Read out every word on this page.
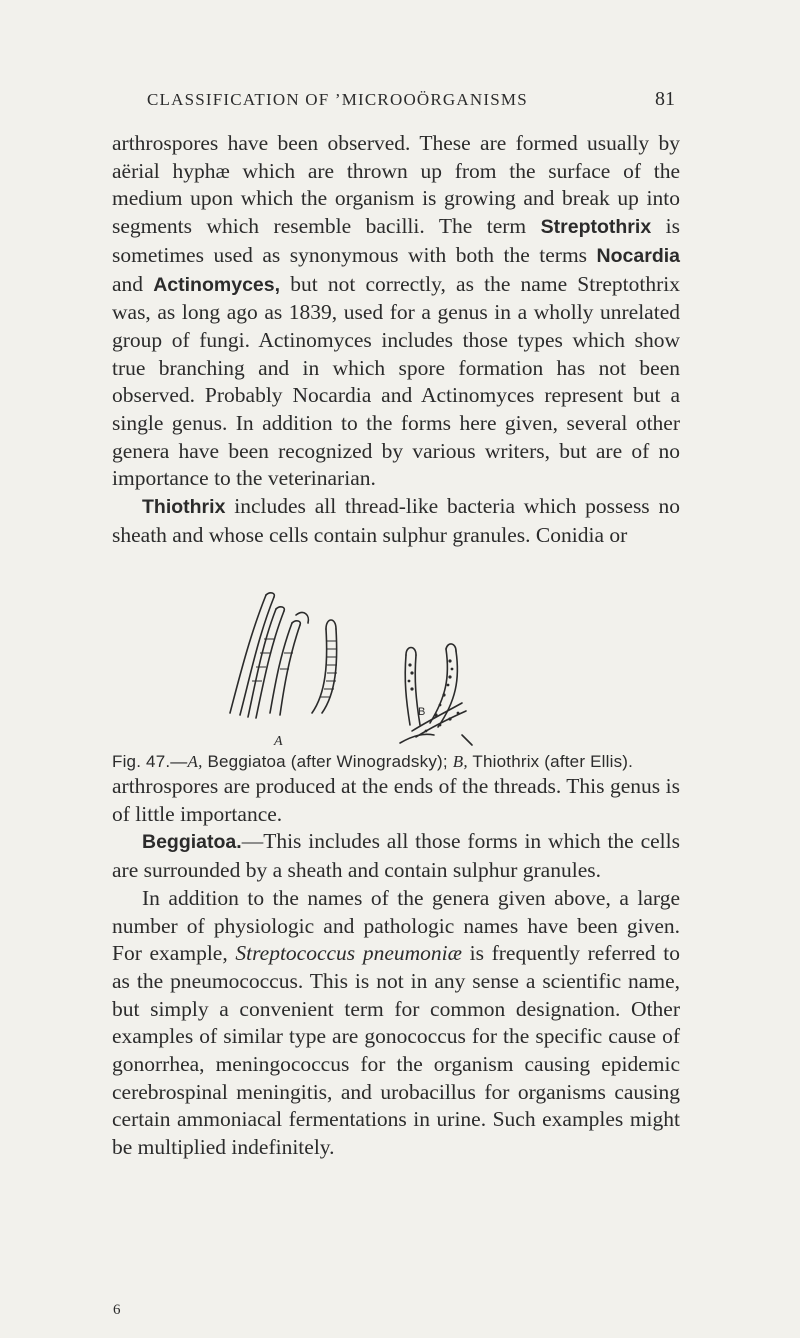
CLASSIFICATION OF ’MICROOÖRGANISMS	81

arthrospores have been observed. These are formed usually by aërial hyphæ which are thrown up from the surface of the medium upon which the organism is growing and break up into segments which resemble bacilli. The term Streptothrix is sometimes used as synonymous with both the terms Nocardia and Actinomyces, but not correctly, as the name Streptothrix was, as long ago as 1839, used for a genus in a wholly unrelated group of fungi. Actinomyces includes those types which show true branching and in which spore formation has not been observed. Probably Nocardia and Actinomyces represent but a single genus. In addition to the forms here given, several other genera have been recognized by various writers, but are of no importance to the veterinarian.

Thiothrix includes all thread-like bacteria which possess no sheath and whose cells contain sulphur granules. Conidia or

A
B
Fig. 47.—A, Beggiatoa (after Winogradsky); B, Thiothrix (after Ellis).

arthrospores are produced at the ends of the threads. This genus is of little importance.

Beggiatoa.—This includes all those forms in which the cells are surrounded by a sheath and contain sulphur granules.

In addition to the names of the genera given above, a large number of physiologic and pathologic names have been given. For example, Streptococcus pneumoniæ is frequently referred to as the pneumococcus. This is not in any sense a scientific name, but simply a convenient term for common designation. Other examples of similar type are gonococcus for the specific cause of gonorrhea, meningococcus for the organism causing epidemic cerebrospinal meningitis, and urobacillus for organisms causing certain ammoniacal fermentations in urine. Such examples might be multiplied indefinitely.

6
